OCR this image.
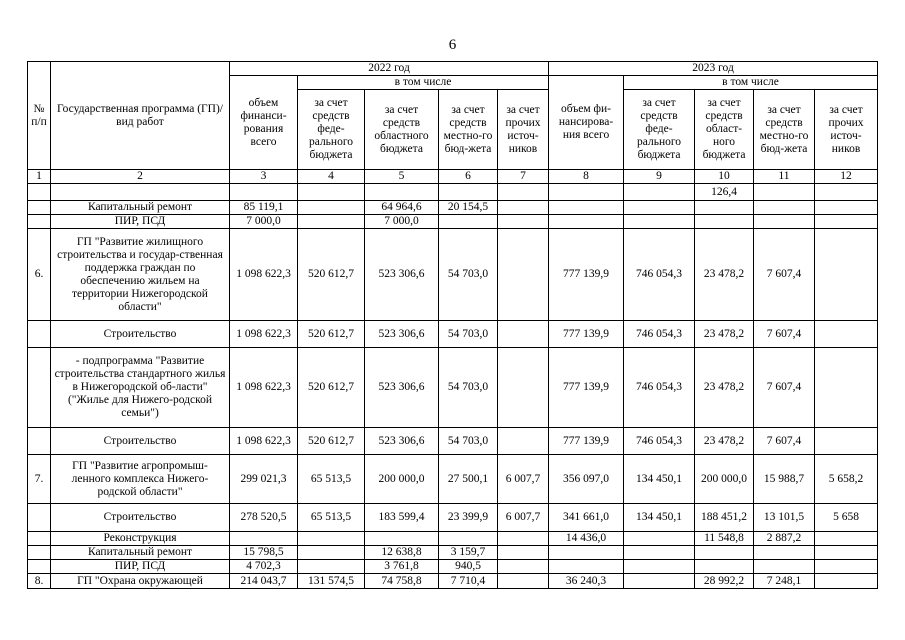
6
№ п/п	Государственная программа (ГП)/ вид работ	2022 год					2023 год				
		объем финанси-рования всего	в том числе				объем фи-нансирова-ния всего	в том числе			
			за счет средств феде-рального бюджета	за счет средств областного бюджета	за счет средств местно-го бюд-жета	за счет прочих источ-ников		за счет средств феде-рального бюджета	за счет средств област-ного бюджета	за счет средств местно-го бюд-жета	за счет прочих источ-ников
1	2	3	4	5	6	7	8	9	10	11	12
									126,4		
	Капитальный ремонт	85 119,1		64 964,6	20 154,5						
	ПИР, ПСД	7 000,0		7 000,0							
6.	ГП "Развитие жилищного строительства и государ-ственная поддержка граждан по обеспечению жильем на территории Нижегородской области"	1 098 622,3	520 612,7	523 306,6	54 703,0		777 139,9	746 054,3	23 478,2	7 607,4	
	Строительство	1 098 622,3	520 612,7	523 306,6	54 703,0		777 139,9	746 054,3	23 478,2	7 607,4	
	- подпрограмма "Развитие строительства стандартного жилья в Нижегородской об-ласти" ("Жилье для Нижего-родской семьи")	1 098 622,3	520 612,7	523 306,6	54 703,0		777 139,9	746 054,3	23 478,2	7 607,4	
	Строительство	1 098 622,3	520 612,7	523 306,6	54 703,0		777 139,9	746 054,3	23 478,2	7 607,4	
7.	ГП "Развитие агропромыш-ленного комплекса Нижего-родской области"	299 021,3	65 513,5	200 000,0	27 500,1	6 007,7	356 097,0	134 450,1	200 000,0	15 988,7	5 658,2
	Строительство	278 520,5	65 513,5	183 599,4	23 399,9	6 007,7	341 661,0	134 450,1	188 451,2	13 101,5	5 658
	Реконструкция						14 436,0		11 548,8	2 887,2	
	Капитальный ремонт	15 798,5		12 638,8	3 159,7						
	ПИР, ПСД	4 702,3		3 761,8	940,5						
8.	ГП "Охрана окружающей	214 043,7	131 574,5	74 758,8	7 710,4		36 240,3		28 992,2	7 248,1	
